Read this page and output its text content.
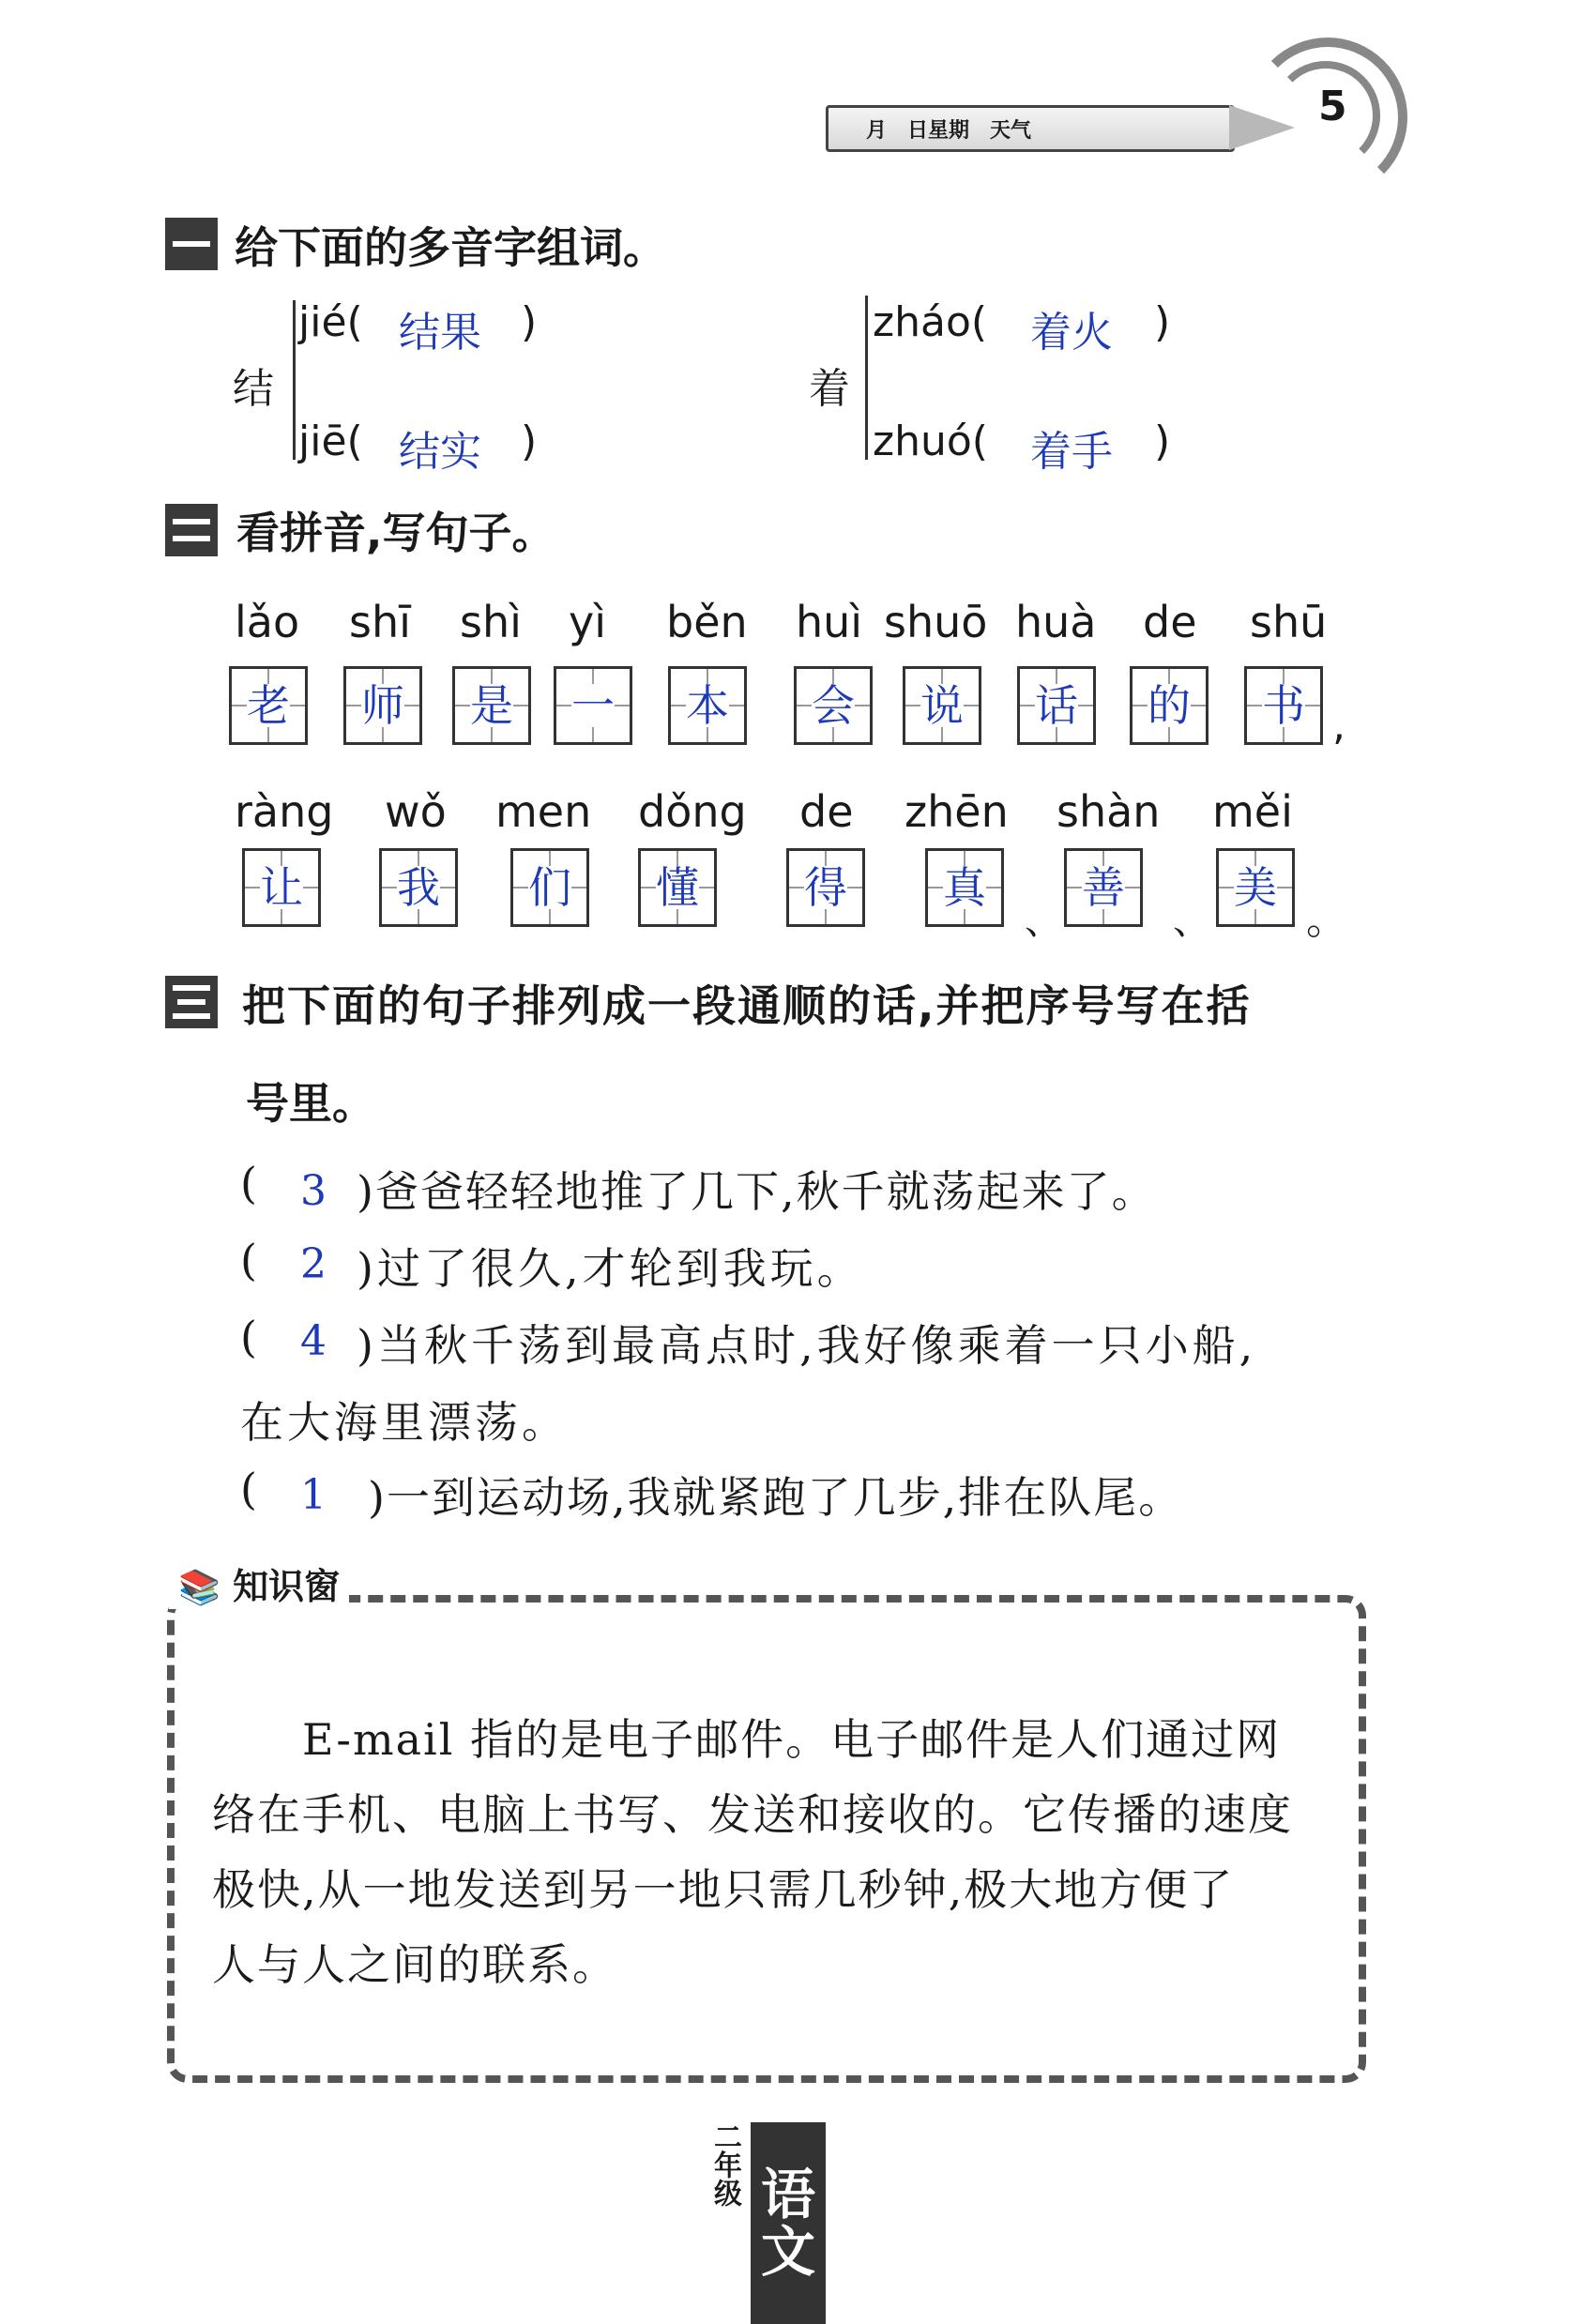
月　日星期　天气	5
给下面的多音字组词。
结
jié( 结果 )
jiē( 结实 )
着
zháo( 着火 )
zhuó( 着手 )
看拼音,写句子。
lǎo shī shì yì běn huì shuō huà de shū
老 师 是 一 本 会 说 话 的 书 ,
ràng wǒ men dǒng de zhēn shàn měi
让 我 们 懂 得 真
、
善
、
美
。
把下面的句子排列成一段通顺的话,并把序号写在括
号里。
( 3 )爸爸轻轻地推了几下,秋千就荡起来了。
( 2 )过了很久,才轮到我玩。
( 4 )当秋千荡到最高点时,我好像乘着一只小船,
在大海里漂荡。
( 1 )一到运动场,我就紧跑了几步,排在队尾。
📚 知识窗
E-mail 指的是电子邮件。电子邮件是人们通过网
络在手机、电脑上书写、发送和接收的。它传播的速度
极快,从一地发送到另一地只需几秒钟,极大地方便了
人与人之间的联系。
二年级 语
文
